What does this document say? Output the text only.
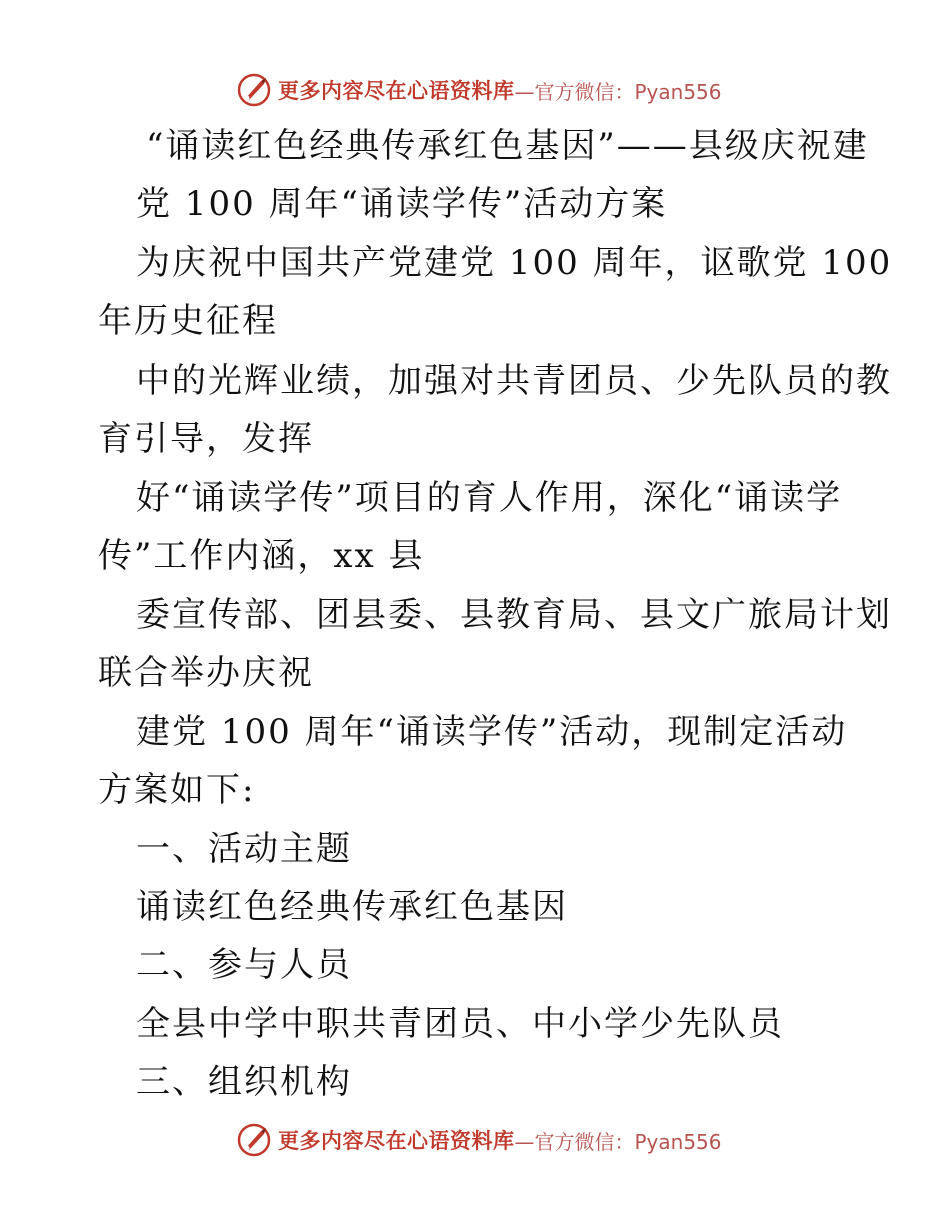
更多内容尽在心语资料库 —官方微信：Pyan556
“诵读红色经典传承红色基因”——县级庆祝建
党 100 周年“诵读学传”活动方案
为庆祝中国共产党建党 100 周年，讴歌党 100
年历史征程
中的光辉业绩，加强对共青团员、少先队员的教
育引导，发挥
好“诵读学传”项目的育人作用，深化“诵读学
传”工作内涵，xx 县
委宣传部、团县委、县教育局、县文广旅局计划
联合举办庆祝
建党 100 周年“诵读学传”活动，现制定活动
方案如下:
一、活动主题
诵读红色经典传承红色基因
二、参与人员
全县中学中职共青团员、中小学少先队员
三、组织机构
更多内容尽在心语资料库 —官方微信：Pyan556
